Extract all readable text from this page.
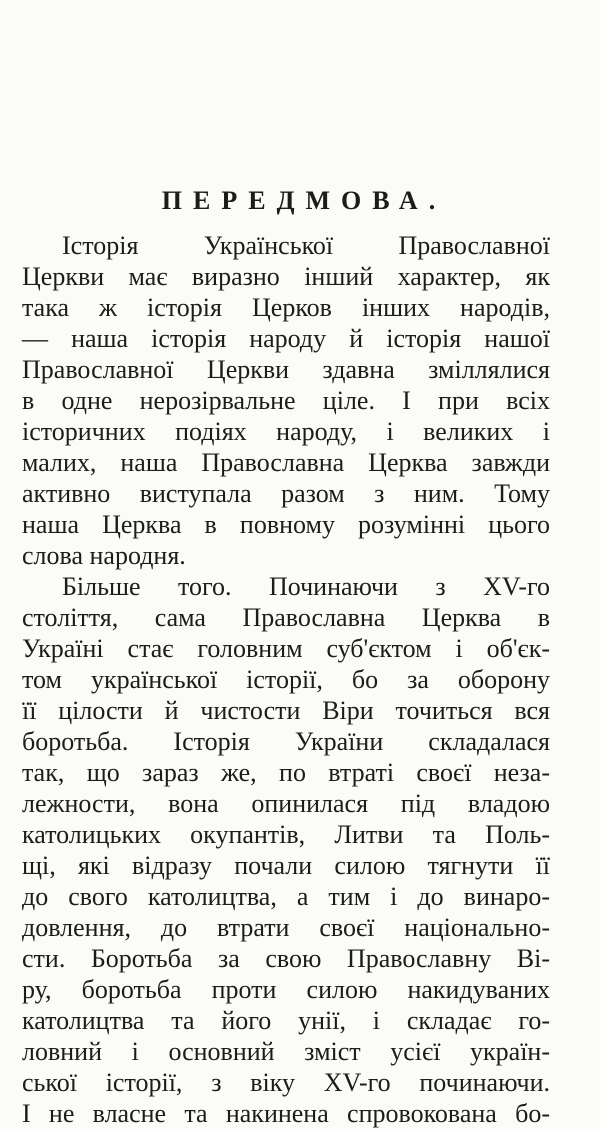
ПЕРЕДМОВА.
Історія Української Православної
Церкви має виразно інший характер, як
така ж історія Церков інших народів,
— наша історія народу й історія нашої
Православної Церкви здавна зміллялися
в одне нерозірвальне ціле. І при всіх
історичних подіях народу, і великих і
малих, наша Православна Церква завжди
активно виступала разом з ним. Тому
наша Церква в повному розумінні цього
слова народня.
Більше того. Починаючи з XV-го
століття, сама Православна Церква в
Україні стає головним суб'єктом і об'єк-
том української історії, бо за оборону
її цілости й чистости Віри точиться вся
боротьба. Історія України складалася
так, що зараз же, по втраті своєї неза-
лежности, вона опинилася під владою
католицьких окупантів, Литви та Поль-
щі, які відразу почали силою тягнути її
до свого католицтва, а тим і до винаро-
довлення, до втрати своєї національно-
сти. Боротьба за свою Православну Ві-
ру, боротьба проти силою накидуваних
католицтва та його унії, і складає го-
ловний і основний зміст усієї україн-
ської історії, з віку XV-го починаючи.
І не власне та накинена спровокована бо-
